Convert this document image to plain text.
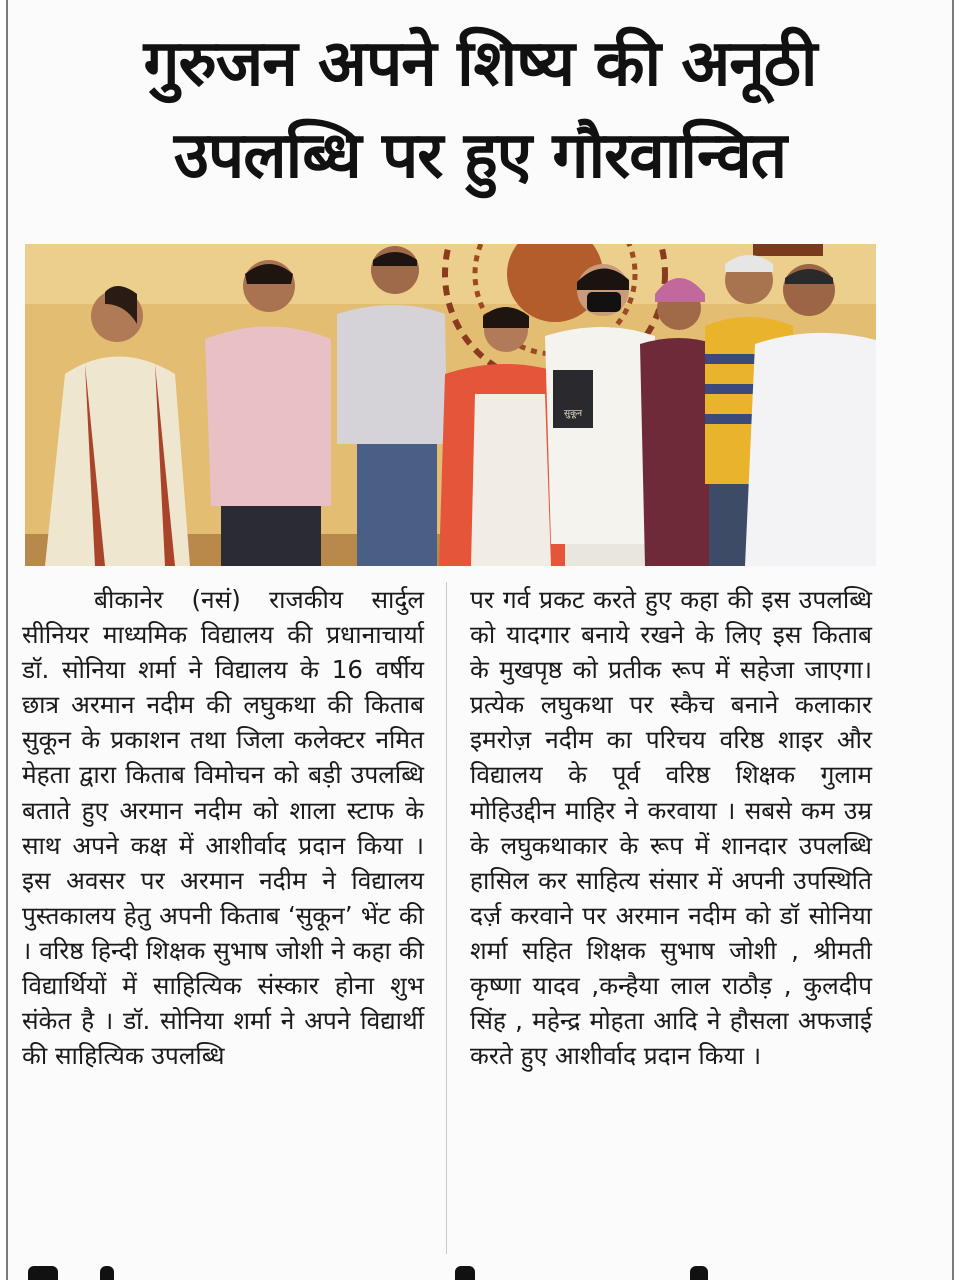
गुरुजन अपने शिष्य की अनूठी
उपलब्धि पर हुए गौरवान्वित
सुकून

बीकानेर (नसं) राजकीय सार्दुल सीनियर माध्यमिक विद्यालय की प्रधानाचार्या डॉ. सोनिया शर्मा ने विद्यालय के 16 वर्षीय छात्र अरमान नदीम की लघुकथा की किताब सुकून के प्रकाशन तथा जिला कलेक्टर नमित मेहता द्वारा किताब विमोचन को बड़ी उपलब्धि बताते हुए अरमान नदीम को शाला स्टाफ के साथ अपने कक्ष में आशीर्वाद प्रदान किया । इस अवसर पर अरमान नदीम ने विद्यालय पुस्तकालय हेतु अपनी किताब ‘सुकून’ भेंट की । वरिष्ठ हिन्दी शिक्षक सुभाष जोशी ने कहा की विद्यार्थियों में साहित्यिक संस्कार होना शुभ संकेत है । डॉ. सोनिया शर्मा ने अपने विद्यार्थी की साहित्यिक उपलब्धि

पर गर्व प्रकट करते हुए कहा की इस उपलब्धि को यादगार बनाये रखने के लिए इस किताब के मुखपृष्ठ को प्रतीक रूप में सहेजा जाएगा। प्रत्येक लघुकथा पर स्कैच बनाने कलाकार इमरोज़ नदीम का परिचय वरिष्ठ शाइर और विद्यालय के पूर्व वरिष्ठ शिक्षक गुलाम मोहिउद्दीन माहिर ने करवाया । सबसे कम उम्र के लघुकथाकार के रूप में शानदार उपलब्धि हासिल कर साहित्य संसार में अपनी उपस्थिति दर्ज़ करवाने पर अरमान नदीम को डॉ सोनिया शर्मा सहित शिक्षक सुभाष जोशी , श्रीमती कृष्णा यादव ,कन्हैया लाल राठौड़ , कुलदीप सिंह , महेन्द्र मोहता आदि ने हौसला अफजाई करते हुए आशीर्वाद प्रदान किया ।
